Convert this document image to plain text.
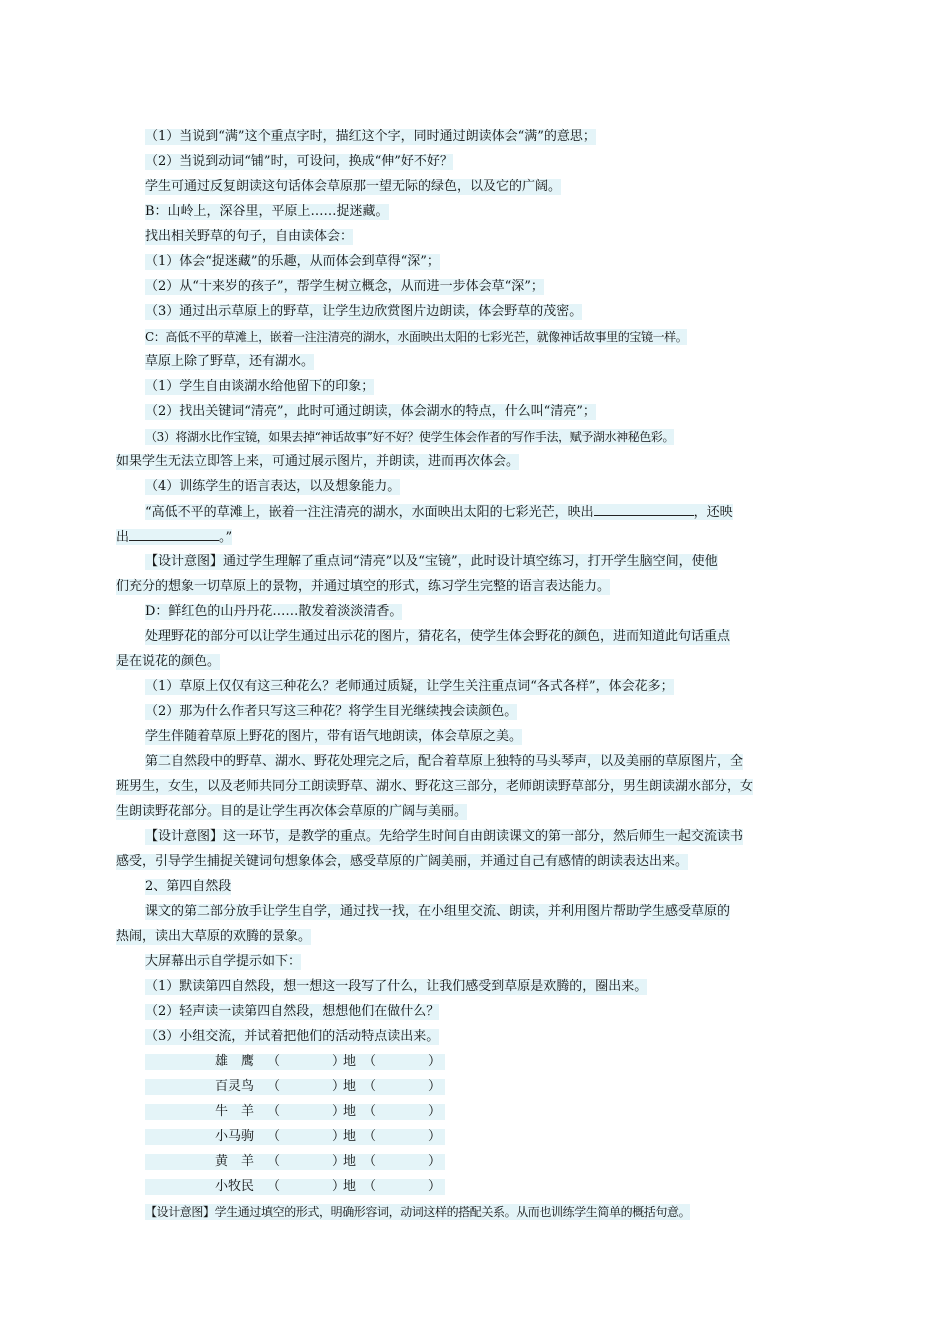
（1）当说到“满”这个重点字时，描红这个字，同时通过朗读体会“满”的意思；
（2）当说到动词“铺”时，可设问，换成“伸”好不好？
学生可通过反复朗读这句话体会草原那一望无际的绿色，以及它的广阔。
B：山岭上，深谷里，平原上……捉迷藏。
找出相关野草的句子，自由读体会：
（1）体会“捉迷藏”的乐趣，从而体会到草得“深”；
（2）从“十来岁的孩子”，帮学生树立概念，从而进一步体会草“深”；
（3）通过出示草原上的野草，让学生边欣赏图片边朗读，体会野草的茂密。
C：高低不平的草滩上，嵌着一注注清亮的湖水，水面映出太阳的七彩光芒，就像神话故事里的宝镜一样。
草原上除了野草，还有湖水。
（1）学生自由谈湖水给他留下的印象；
（2）找出关键词“清亮”，此时可通过朗读，体会湖水的特点，什么叫“清亮”；
（3）将湖水比作宝镜，如果去掉“神话故事”好不好？使学生体会作者的写作手法，赋予湖水神秘色彩。
如果学生无法立即答上来，可通过展示图片，并朗读，进而再次体会。
（4）训练学生的语言表达，以及想象能力。
“高低不平的草滩上，嵌着一注注清亮的湖水，水面映出太阳的七彩光芒，映出	，还映
出	。”
【设计意图】通过学生理解了重点词“清亮”以及“宝镜”，此时设计填空练习，打开学生脑空间，使他
们充分的想象一切草原上的景物，并通过填空的形式，练习学生完整的语言表达能力。
D：鲜红色的山丹丹花……散发着淡淡清香。
处理野花的部分可以让学生通过出示花的图片，猜花名，使学生体会野花的颜色，进而知道此句话重点
是在说花的颜色。
（1）草原上仅仅有这三种花么？老师通过质疑，让学生关注重点词“各式各样”，体会花多；
（2）那为什么作者只写这三种花？将学生目光继续拽会读颜色。
学生伴随着草原上野花的图片，带有语气地朗读，体会草原之美。
第二自然段中的野草、湖水、野花处理完之后，配合着草原上独特的马头琴声，以及美丽的草原图片，全
班男生，女生，以及老师共同分工朗读野草、湖水、野花这三部分，老师朗读野草部分，男生朗读湖水部分，女
生朗读野花部分。目的是让学生再次体会草原的广阔与美丽。
【设计意图】这一环节，是教学的重点。先给学生时间自由朗读课文的第一部分，然后师生一起交流读书
感受，引导学生捕捉关键词句想象体会，感受草原的广阔美丽，并通过自己有感情的朗读表达出来。
2、第四自然段
课文的第二部分放手让学生自学，通过找一找，在小组里交流、朗读，并利用图片帮助学生感受草原的
热闹，读出大草原的欢腾的景象。
大屏幕出示自学提示如下：
（1）默读第四自然段，想一想这一段写了什么，让我们感受到草原是欢腾的，圈出来。
（2）轻声读一读第四自然段，想想他们在做什么？
（3）小组交流，并试着把他们的活动特点读出来。
雄　鹰 （　　　　）
地 （　　　　）
百灵鸟 （　　　　）
地 （　　　　）
牛　羊 （　　　　）
地 （　　　　）
小马驹 （　　　　）
地 （　　　　）
黄　羊 （　　　　）
地 （　　　　）
小牧民 （　　　　）
地 （　　　　）
【设计意图】学生通过填空的形式，明确形容词，动词这样的搭配关系。从而也训练学生简单的概括句意。
